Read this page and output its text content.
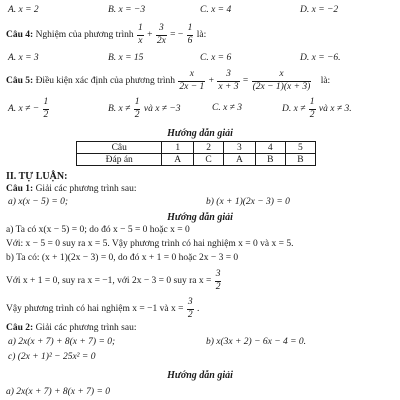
A. x = 2	B. x = −3	C. x = 4	D. x = −2
Câu 4: Nghiệm của phương trình $\frac{1}{x} + \frac{3}{2x}$ = − $\frac{1}{6}$ là:
A. x = 3	B. x = 15	C. x = 6	D. x = −6.
Câu 5: Điều kiện xác định của phương trình $\frac{x}{2x - 1} + \frac{3}{x + 3} = \frac{x}{(2x - 1)(x + 3)}$ là:
A. x ≠ − $\frac{1}{2}$	B. $x \ne \frac{1}{2}$ và x ≠ −3	C. x ≠ 3	D. $x \ne \frac{1}{2}$ và x ≠ 3.
Hướng dẫn giải
Câu	1	2	3	4	5
Đáp án	A	C	A	B	B
II. TỰ LUẬN:
Câu 1: Giải các phương trình sau:
a) x(x − 5) = 0;	b) (x + 1)(2x − 3) = 0
Hướng dẫn giải
a) Ta có x(x − 5) = 0; do đó x − 5 = 0 hoặc x = 0
Với: x − 5 = 0 suy ra x = 5. Vậy phương trình có hai nghiệm x = 0 và x = 5.
b) Ta có: (x + 1)(2x − 3) = 0, do đó x + 1 = 0 hoặc 2x − 3 = 0
Với x + 1 = 0, suy ra x = −1, với 2x − 3 = 0 suy ra $x = \frac{3}{2}$
Vậy phương trình có hai nghiệm x = −1 và $x = \frac{3}{2}$ .
Câu 2: Giải các phương trình sau:
a) 2x(x + 7) + 8(x + 7) = 0;	b) x(3x + 2) − 6x − 4 = 0.
c) (2x + 1)² − 25x² = 0
Hướng dẫn giải
a) 2x(x + 7) + 8(x + 7) = 0
